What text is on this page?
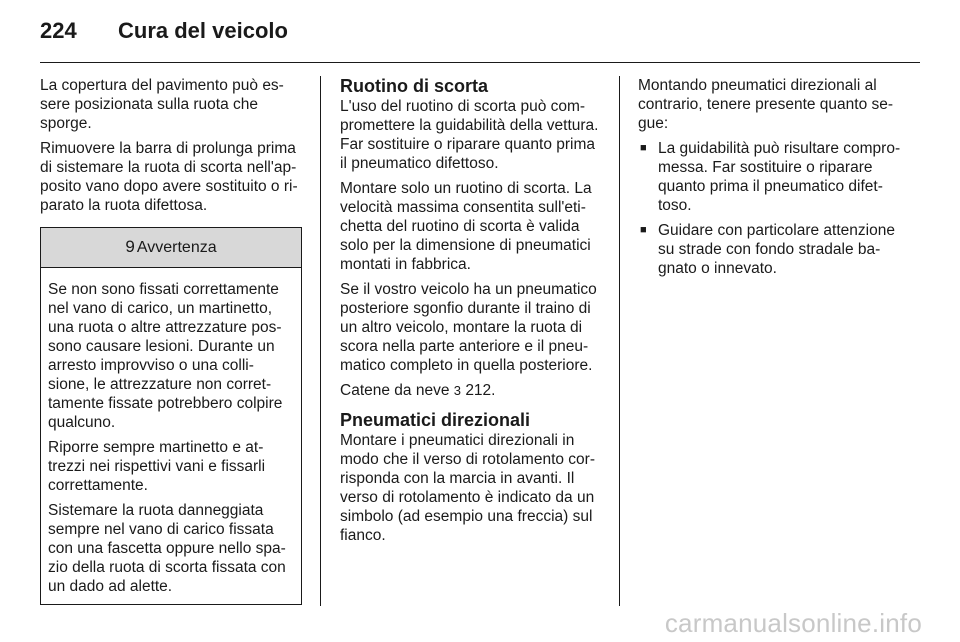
224 Cura del veicolo

La copertura del pavimento può es-sere posizionata sulla ruota che sporge.

Rimuovere la barra di prolunga prima di sistemare la ruota di scorta nell'ap-posito vano dopo avere sostituito o ri-parato la ruota difettosa.

9 Avvertenza

Se non sono fissati correttamente nel vano di carico, un martinetto, una ruota o altre attrezzature pos-sono causare lesioni. Durante un arresto improvviso o una colli-sione, le attrezzature non corret-tamente fissate potrebbero colpire qualcuno.

Riporre sempre martinetto e at-trezzi nei rispettivi vani e fissarli correttamente.

Sistemare la ruota danneggiata sempre nel vano di carico fissata con una fascetta oppure nello spa-zio della ruota di scorta fissata con un dado ad alette.

Ruotino di scorta

L'uso del ruotino di scorta può com-promettere la guidabilità della vettura. Far sostituire o riparare quanto prima il pneumatico difettoso.

Montare solo un ruotino di scorta. La velocità massima consentita sull'eti-chetta del ruotino di scorta è valida solo per la dimensione di pneumatici montati in fabbrica.

Se il vostro veicolo ha un pneumatico posteriore sgonfio durante il traino di un altro veicolo, montare la ruota di scora nella parte anteriore e il pneu-matico completo in quella posteriore.

Catene da neve 3 212.

Pneumatici direzionali

Montare i pneumatici direzionali in modo che il verso di rotolamento cor-risponda con la marcia in avanti. Il verso di rotolamento è indicato da un simbolo (ad esempio una freccia) sul fianco.

Montando pneumatici direzionali al contrario, tenere presente quanto se-gue:

■ La guidabilità può risultare compro-messa. Far sostituire o riparare quanto prima il pneumatico difet-toso.
■ Guidare con particolare attenzione su strade con fondo stradale ba-gnato o innevato.
carmanualsonline.info
